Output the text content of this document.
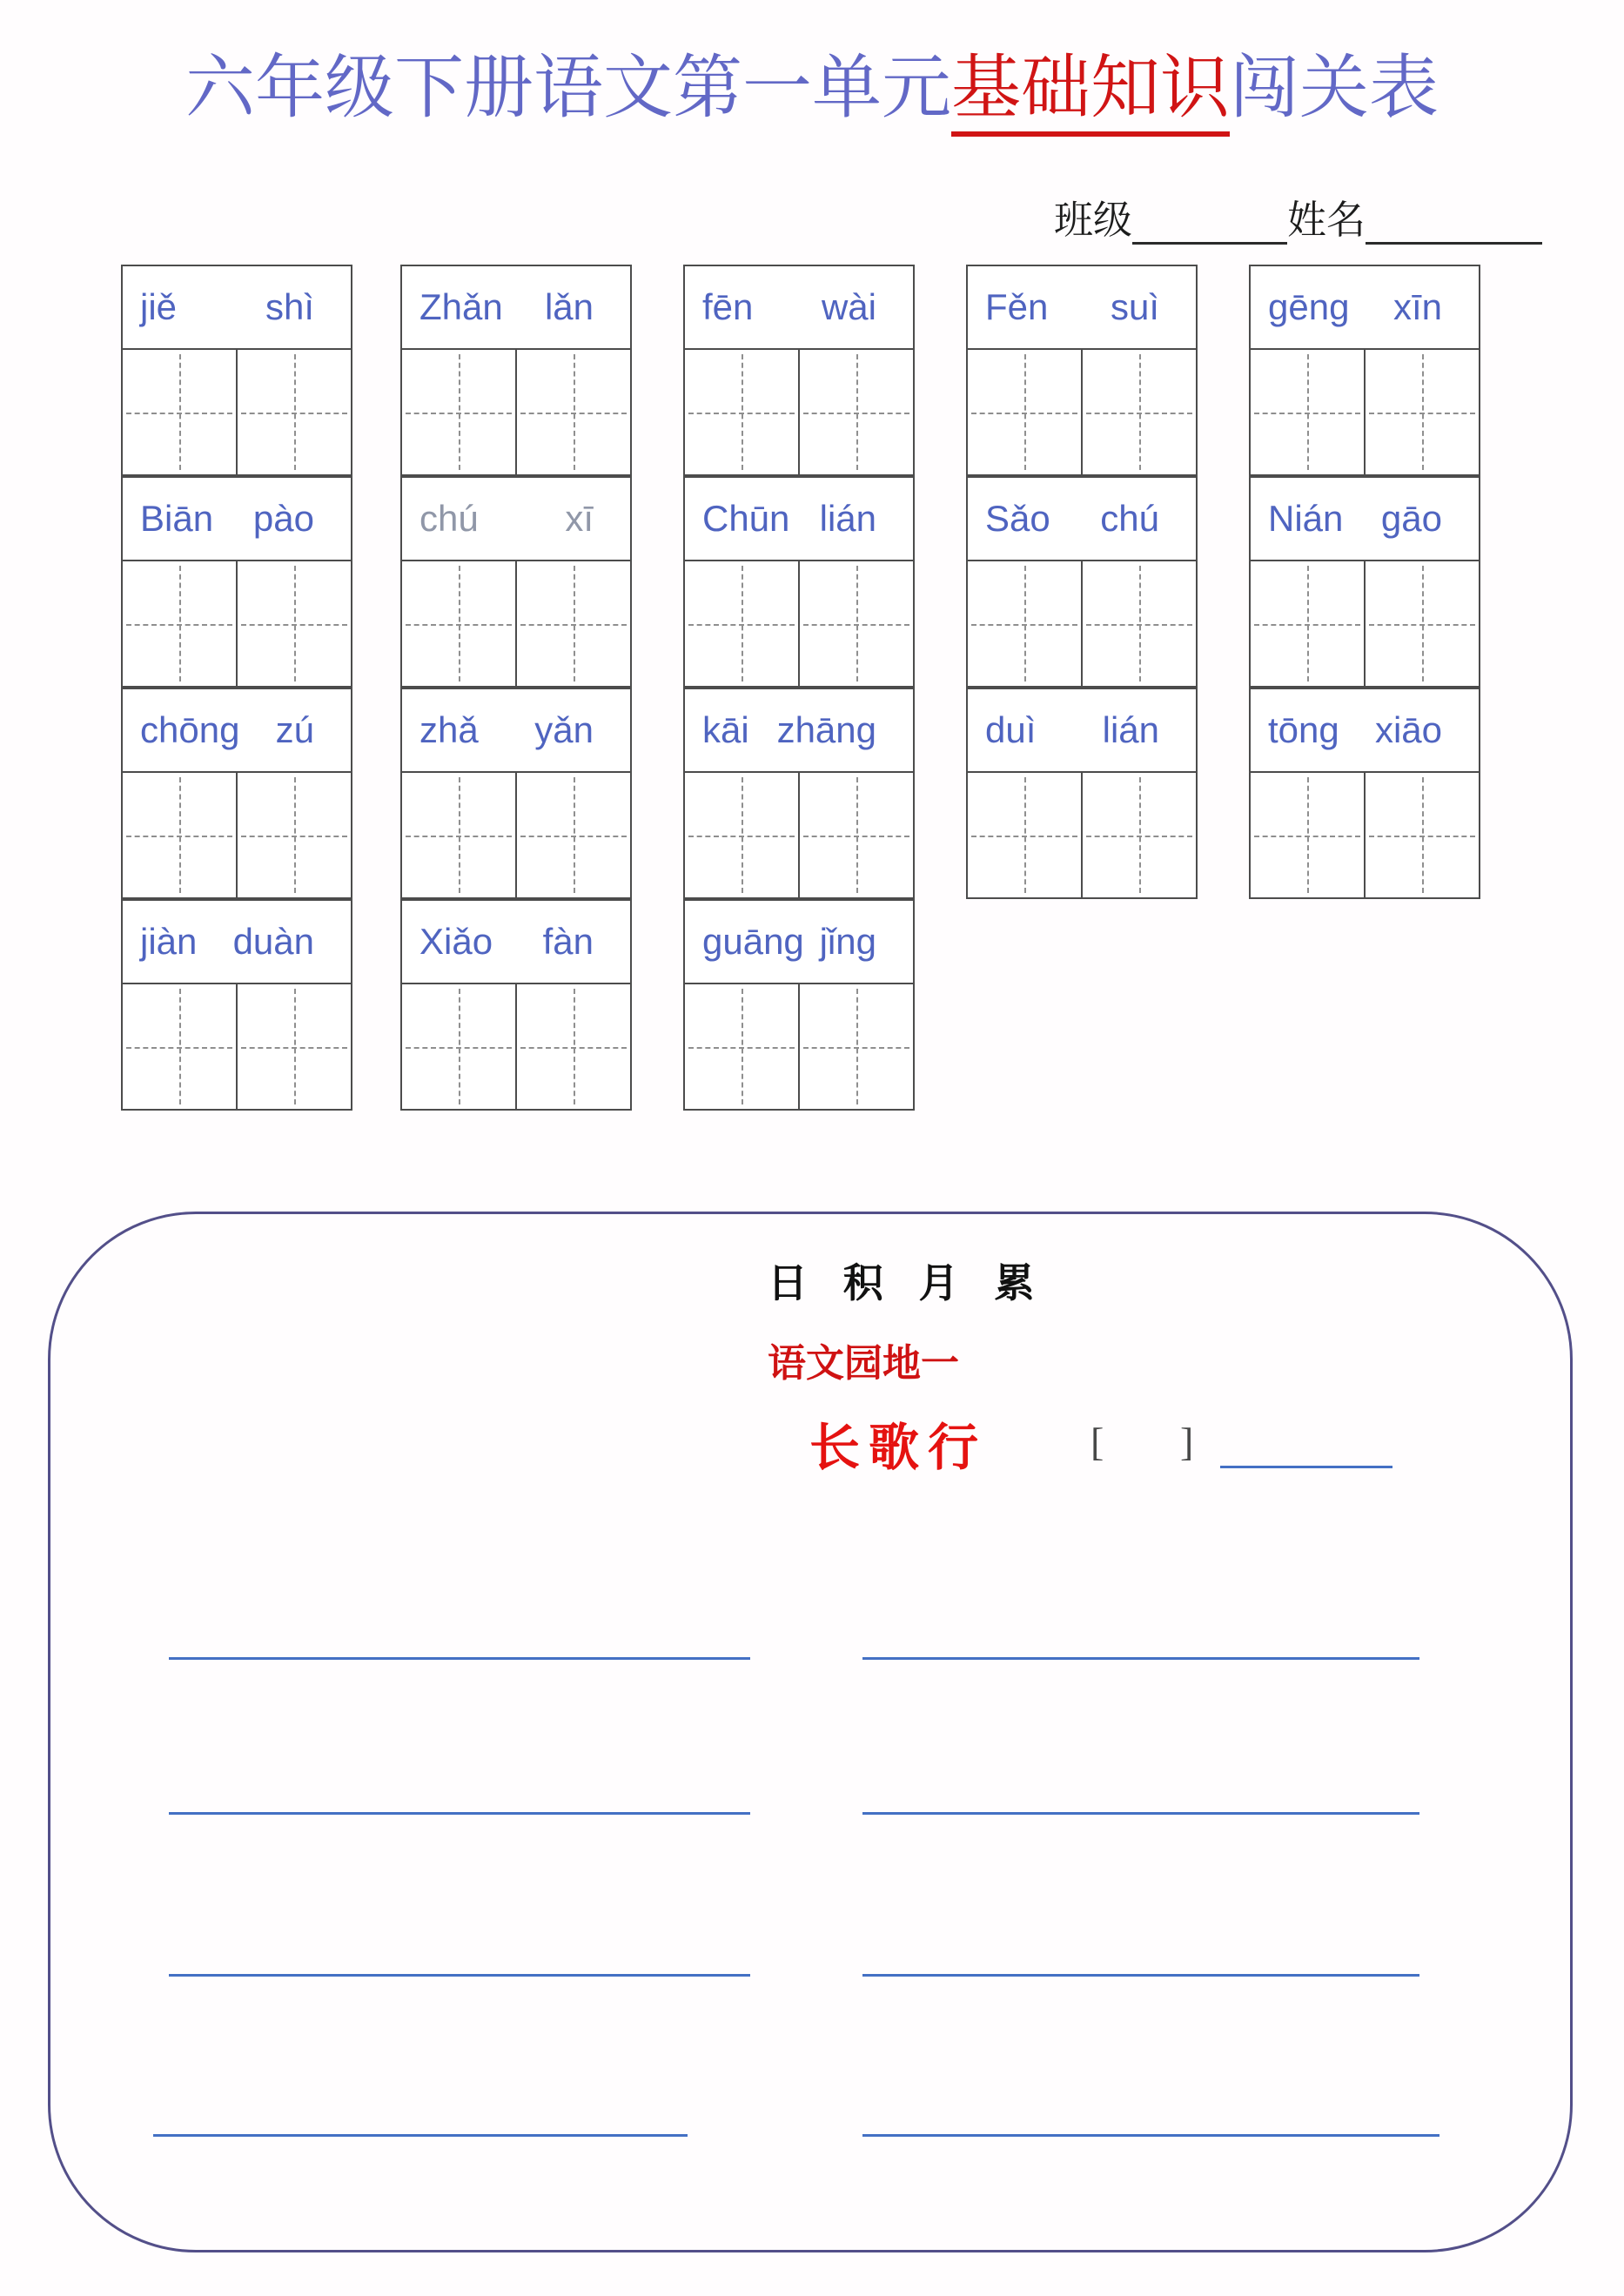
六年级下册语文第一单元基础知识闯关表
班级	姓名
jiě shì
Biān pào
chōng zú
jiàn duàn
Zhǎn lǎn
chú xī
zhǎ yǎn
Xiǎo fàn
fēn wài
Chūn lián
kāi zhāng
guāng jǐng
Fěn suì
Sǎo chú
duì lián
gēng xīn
Nián gāo
tōng xiāo
日 积 月 累
语文园地一
长歌行	[ ]
